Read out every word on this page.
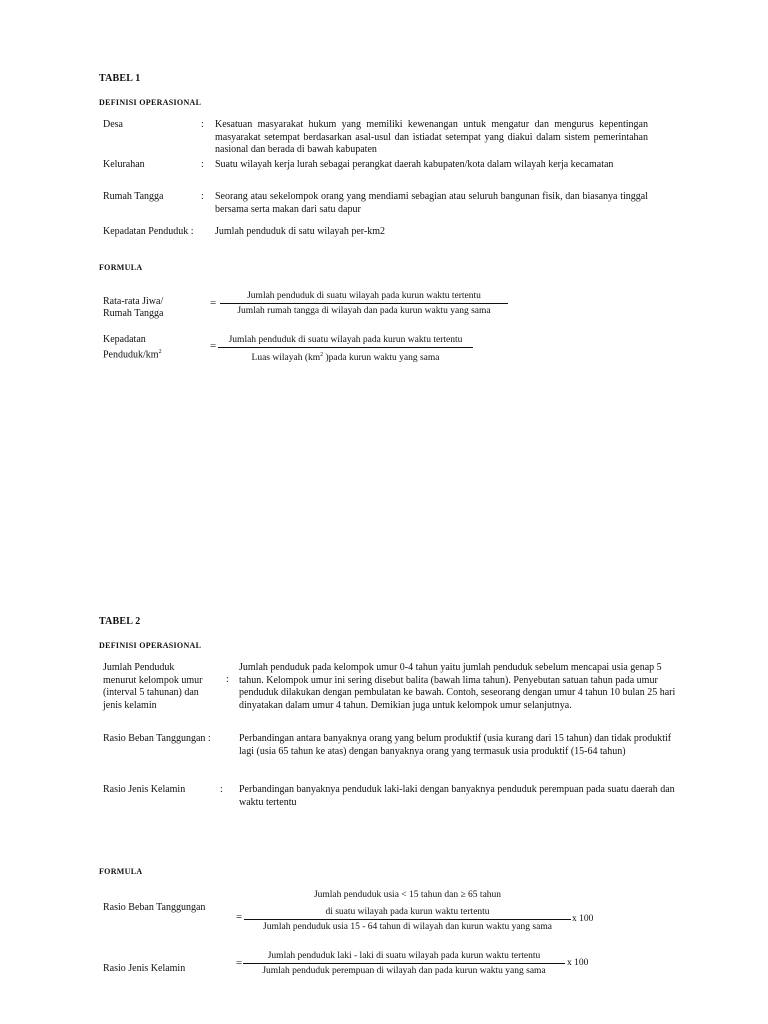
TABEL 1
DEFINISI OPERASIONAL
Desa	: Kesatuan masyarakat hukum yang memiliki kewenangan untuk mengatur dan mengurus kepentingan masyarakat setempat berdasarkan asal-usul dan istiadat setempat yang diakui dalam sistem pemerintahan nasional dan berada di bawah kabupaten
Kelurahan	: Suatu wilayah kerja lurah sebagai perangkat daerah kabupaten/kota dalam wilayah kerja kecamatan
Rumah Tangga	: Seorang atau sekelompok orang yang mendiami sebagian atau seluruh bangunan fisik, dan biasanya tinggal bersama serta makan dari satu dapur
Kepadatan Penduduk : Jumlah penduduk di satu wilayah per-km2
FORMULA
Rata-rata Jiwa/
Rumah Tangga
=
Jumlah penduduk di suatu wilayah pada kurun waktu tertentu
Jumlah rumah tangga di wilayah dan pada kurun waktu yang sama
Kepadatan
Penduduk/$km^2$	=	Jumlah penduduk di suatu wilayah pada kurun waktu tertentu
Luas wilayah ($km^2$ )pada kurun waktu yang sama
TABEL 2
DEFINISI OPERASIONAL
Jumlah Penduduk
menurut kelompok umur
(interval 5 tahunan) dan
jenis kelamin
:
Jumlah penduduk pada kelompok umur 0-4 tahun yaitu jumlah penduduk sebelum mencapai usia genap 5 tahun. Kelompok umur ini sering disebut balita (bawah lima tahun). Penyebutan satuan tahun pada umur penduduk dilakukan dengan pembulatan ke bawah. Contoh, seseorang dengan umur 4 tahun 10 bulan 25 hari dinyatakan dalam umur 4 tahun. Demikian juga untuk kelompok umur selanjutnya.
Rasio Beban Tanggungan :	Perbandingan antara banyaknya orang yang belum produktif (usia kurang dari 15 tahun) dan tidak produktif lagi (usia 65 tahun ke atas) dengan banyaknya orang yang termasuk usia produktif (15-64 tahun)
Rasio Jenis Kelamin	: Perbandingan banyaknya penduduk laki-laki dengan banyaknya penduduk perempuan pada suatu daerah dan waktu tertentu
FORMULA
Rasio Beban Tanggungan
=
Jumlah penduduk usia < 15 tahun dan ≥ 65 tahun
di suatu wilayah pada kurun waktu tertentu
Jumlah penduduk usia 15 - 64 tahun di wilayah dan kurun waktu yang sama
x 100
Rasio Jenis Kelamin	=
Jumlah penduduk laki - laki di suatu wilayah pada kurun waktu tertentu
Jumlah penduduk perempuan di wilayah dan pada kurun waktu yang sama
x 100
